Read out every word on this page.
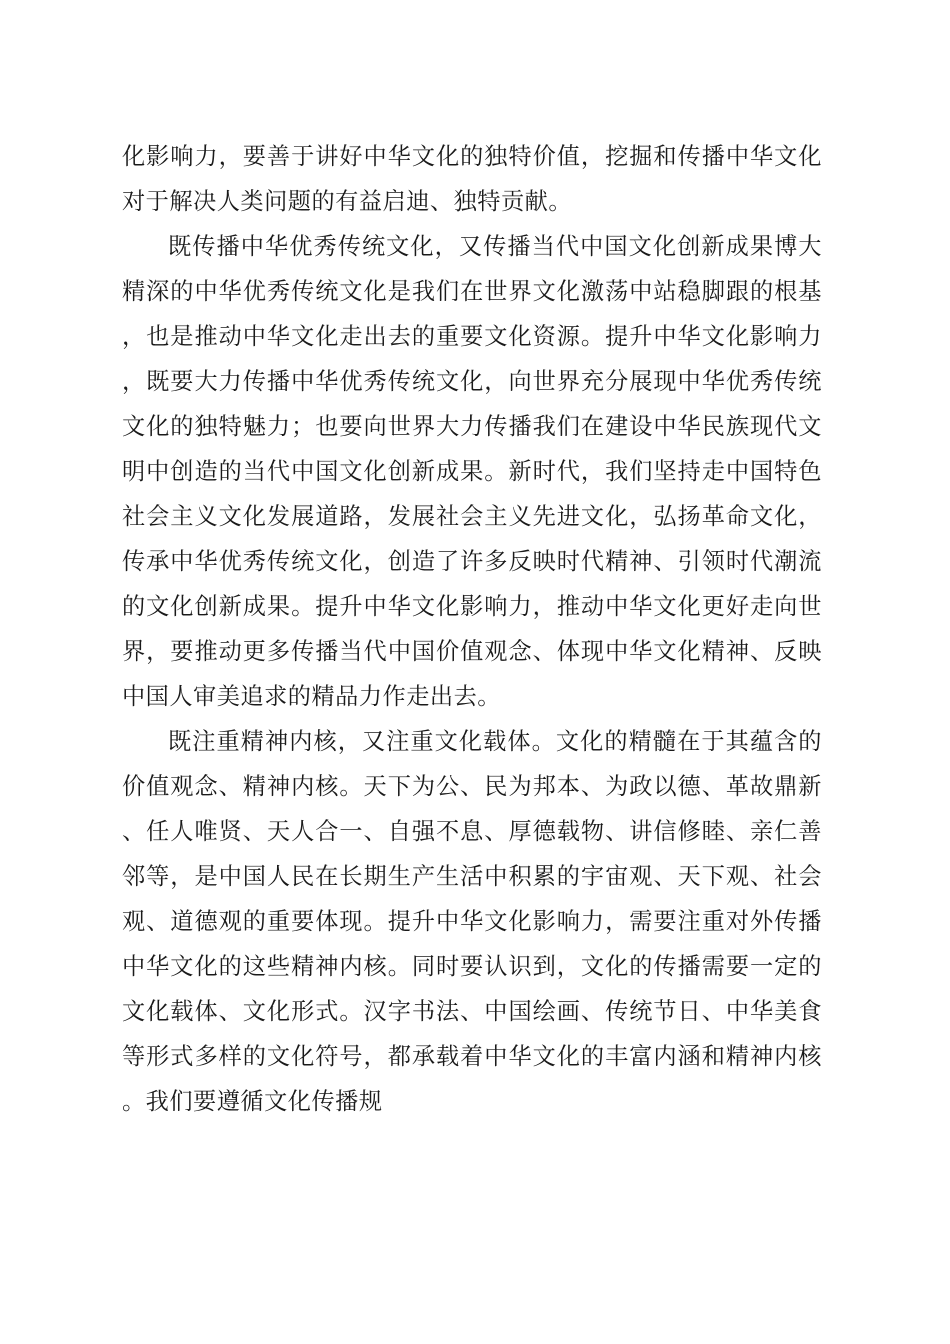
化影响力，要善于讲好中华文化的独特价值，挖掘和传播中华文化对于解决人类问题的有益启迪、独特贡献。

既传播中华优秀传统文化，又传播当代中国文化创新成果博大精深的中华优秀传统文化是我们在世界文化激荡中站稳脚跟的根基，也是推动中华文化走出去的重要文化资源。提升中华文化影响力，既要大力传播中华优秀传统文化，向世界充分展现中华优秀传统文化的独特魅力；也要向世界大力传播我们在建设中华民族现代文明中创造的当代中国文化创新成果。新时代，我们坚持走中国特色社会主义文化发展道路，发展社会主义先进文化，弘扬革命文化，传承中华优秀传统文化，创造了许多反映时代精神、引领时代潮流的文化创新成果。提升中华文化影响力，推动中华文化更好走向世界，要推动更多传播当代中国价值观念、体现中华文化精神、反映中国人审美追求的精品力作走出去。

既注重精神内核，又注重文化载体。文化的精髓在于其蕴含的价值观念、精神内核。天下为公、民为邦本、为政以德、革故鼎新、任人唯贤、天人合一、自强不息、厚德载物、讲信修睦、亲仁善邻等，是中国人民在长期生产生活中积累的宇宙观、天下观、社会观、道德观的重要体现。提升中华文化影响力，需要注重对外传播中华文化的这些精神内核。同时要认识到，文化的传播需要一定的文化载体、文化形式。汉字书法、中国绘画、传统节日、中华美食等形式多样的文化符号，都承载着中华文化的丰富内涵和精神内核。我们要遵循文化传播规
